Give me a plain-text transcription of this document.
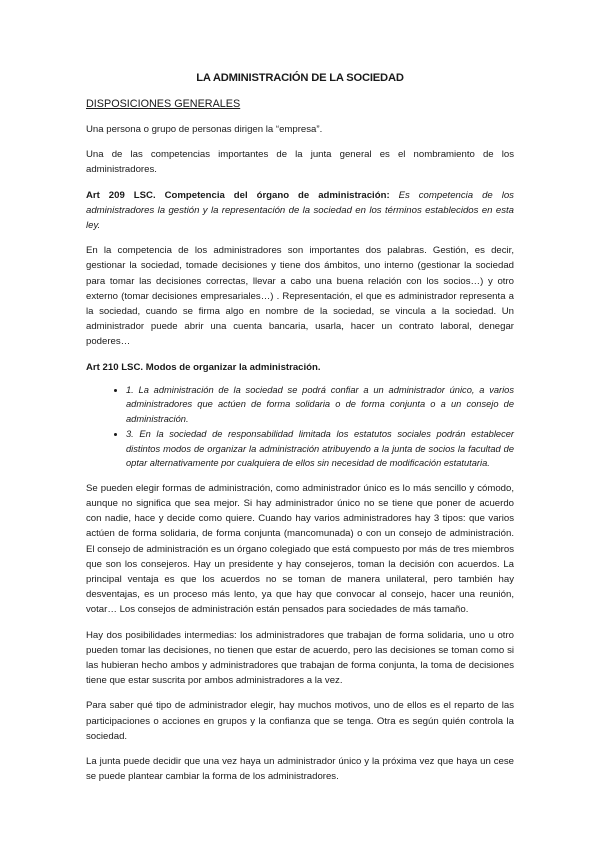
LA ADMINISTRACIÓN DE LA SOCIEDAD
DISPOSICIONES GENERALES

Una persona o grupo de personas dirigen la “empresa”.

Una de las competencias importantes de la junta general es el nombramiento de los administradores.

Art 209 LSC. Competencia del órgano de administración: Es competencia de los administradores la gestión y la representación de la sociedad en los términos establecidos en esta ley.

En la competencia de los administradores son importantes dos palabras. Gestión, es decir, gestionar la sociedad, tomade decisiones y tiene dos ámbitos, uno interno (gestionar la sociedad para tomar las decisiones correctas, llevar a cabo una buena relación con los socios…) y otro externo (tomar decisiones empresariales…) . Representación, el que es administrador representa a la sociedad, cuando se firma algo en nombre de la sociedad, se vincula a la sociedad. Un administrador puede abrir una cuenta bancaria, usarla, hacer un contrato laboral, denegar poderes…

Art 210 LSC. Modos de organizar la administración.

• 1. La administración de la sociedad se podrá confiar a un administrador único, a varios administradores que actúen de forma solidaria o de forma conjunta o a un consejo de administración.
• 3. En la sociedad de responsabilidad limitada los estatutos sociales podrán establecer distintos modos de organizar la administración atribuyendo a la junta de socios la facultad de optar alternativamente por cualquiera de ellos sin necesidad de modificación estatutaria.

Se pueden elegir formas de administración, como administrador único es lo más sencillo y cómodo, aunque no significa que sea mejor. Si hay administrador único no se tiene que poner de acuerdo con nadie, hace y decide como quiere. Cuando hay varios administradores hay 3 tipos: que varios actúen de forma solidaria, de forma conjunta (mancomunada) o con un consejo de administración. El consejo de administración es un órgano colegiado que está compuesto por más de tres miembros que son los consejeros. Hay un presidente y hay consejeros, toman la decisión con acuerdos. La principal ventaja es que los acuerdos no se toman de manera unilateral, pero también hay desventajas, es un proceso más lento, ya que hay que convocar al consejo, hacer una reunión, votar… Los consejos de administración están pensados para sociedades de más tamaño.

Hay dos posibilidades intermedias: los administradores que trabajan de forma solidaria, uno u otro pueden tomar las decisiones, no tienen que estar de acuerdo, pero las decisiones se toman como si las hubieran hecho ambos y administradores que trabajan de forma conjunta, la toma de decisiones tiene que estar suscrita por ambos administradores a la vez.

Para saber qué tipo de administrador elegir, hay muchos motivos, uno de ellos es el reparto de las participaciones o acciones en grupos y la confianza que se tenga. Otra es según quién controla la sociedad.

La junta puede decidir que una vez haya un administrador único y la próxima vez que haya un cese se puede plantear cambiar la forma de los administradores.
